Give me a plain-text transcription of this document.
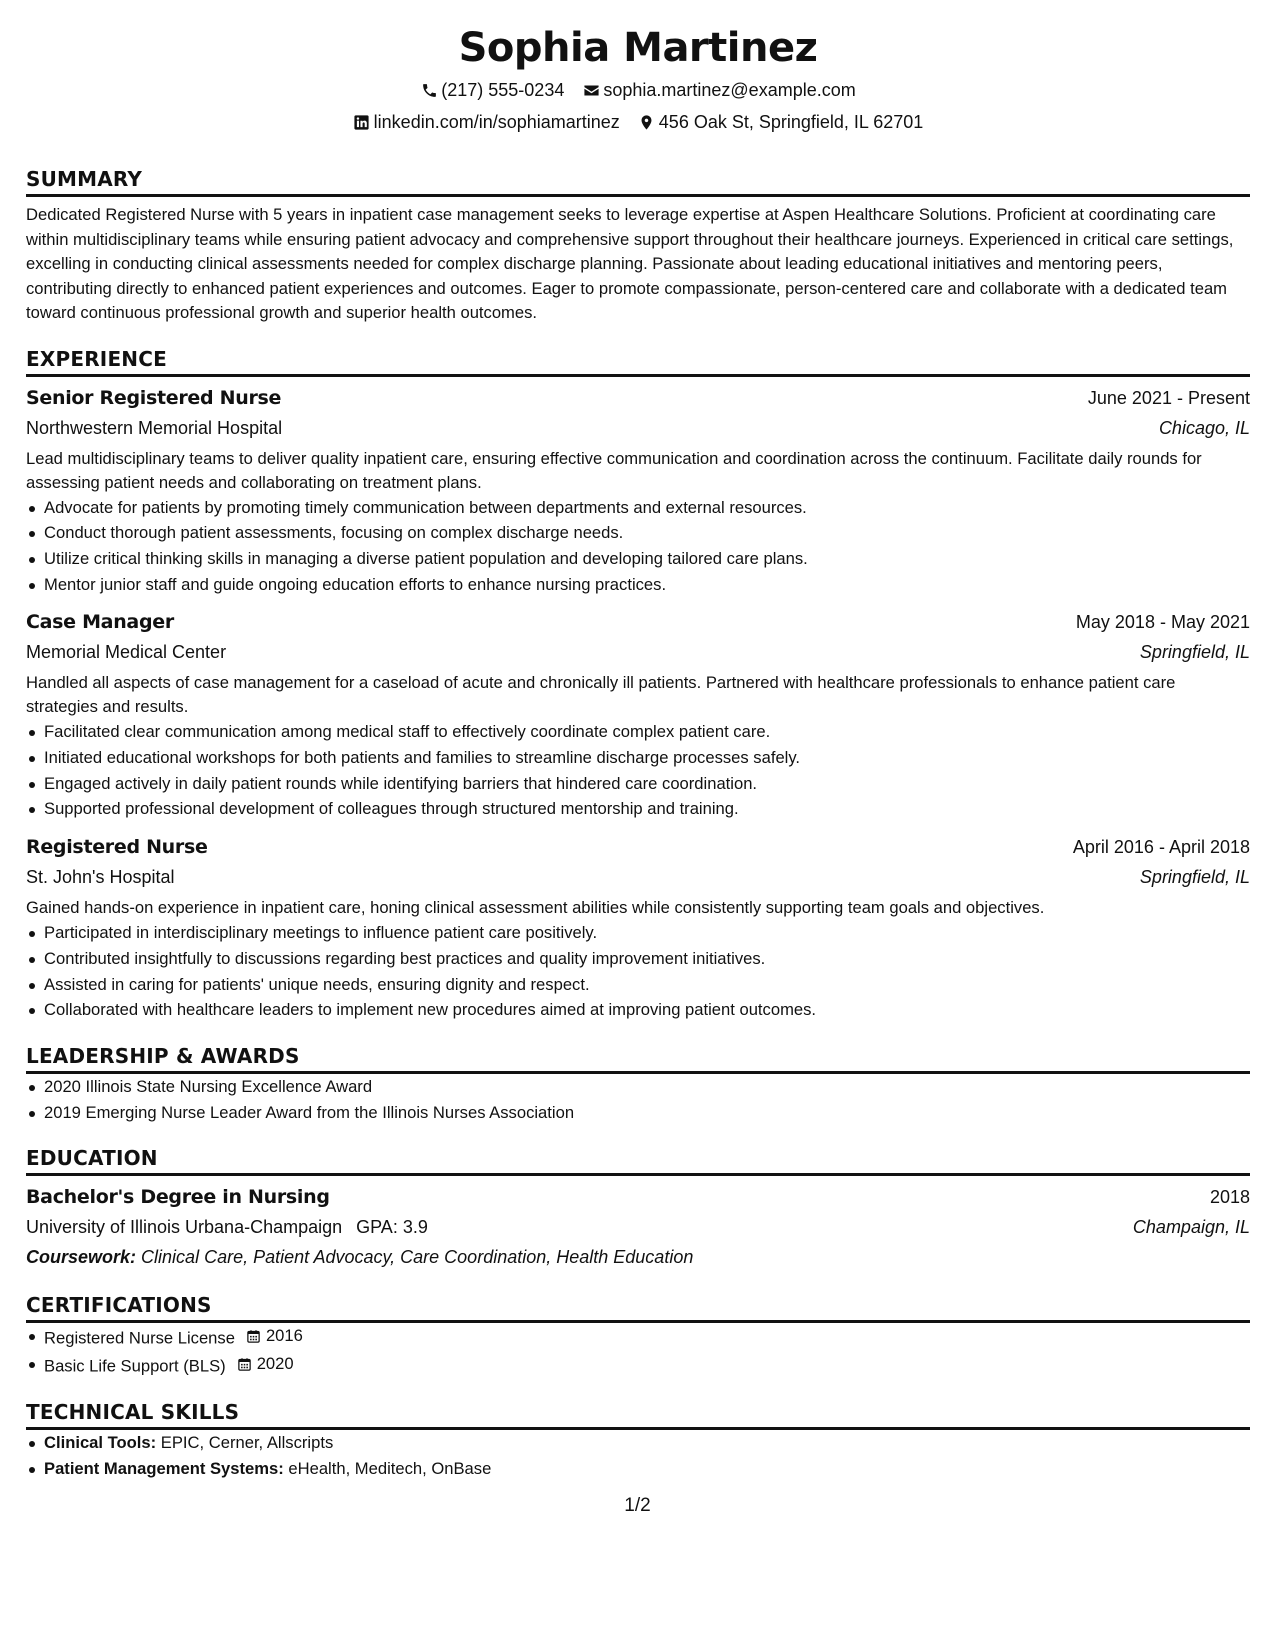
Sophia Martinez
(217) 555-0234 sophia.martinez@example.com
linkedin.com/in/sophiamartinez 456 Oak St, Springfield, IL 62701
SUMMARY

Dedicated Registered Nurse with 5 years in inpatient case management seeks to leverage expertise at Aspen Healthcare Solutions. Proficient at coordinating care within multidisciplinary teams while ensuring patient advocacy and comprehensive support throughout their healthcare journeys. Experienced in critical care settings, excelling in conducting clinical assessments needed for complex discharge planning. Passionate about leading educational initiatives and mentoring peers, contributing directly to enhanced patient experiences and outcomes. Eager to promote compassionate, person-centered care and collaborate with a dedicated team toward continuous professional growth and superior health outcomes.

EXPERIENCE
Senior Registered Nurse	June 2021 - Present
Northwestern Memorial Hospital	Chicago, IL

Lead multidisciplinary teams to deliver quality inpatient care, ensuring effective communication and coordination across the continuum. Facilitate daily rounds for assessing patient needs and collaborating on treatment plans.

Advocate for patients by promoting timely communication between departments and external resources.
Conduct thorough patient assessments, focusing on complex discharge needs.
Utilize critical thinking skills in managing a diverse patient population and developing tailored care plans.
Mentor junior staff and guide ongoing education efforts to enhance nursing practices.
Case Manager	May 2018 - May 2021
Memorial Medical Center	Springfield, IL

Handled all aspects of case management for a caseload of acute and chronically ill patients. Partnered with healthcare professionals to enhance patient care strategies and results.

Facilitated clear communication among medical staff to effectively coordinate complex patient care.
Initiated educational workshops for both patients and families to streamline discharge processes safely.
Engaged actively in daily patient rounds while identifying barriers that hindered care coordination.
Supported professional development of colleagues through structured mentorship and training.
Registered Nurse	April 2016 - April 2018
St. John's Hospital	Springfield, IL

Gained hands-on experience in inpatient care, honing clinical assessment abilities while consistently supporting team goals and objectives.

Participated in interdisciplinary meetings to influence patient care positively.
Contributed insightfully to discussions regarding best practices and quality improvement initiatives.
Assisted in caring for patients' unique needs, ensuring dignity and respect.
Collaborated with healthcare leaders to implement new procedures aimed at improving patient outcomes.
LEADERSHIP & AWARDS
2020 Illinois State Nursing Excellence Award
2019 Emerging Nurse Leader Award from the Illinois Nurses Association
EDUCATION
Bachelor's Degree in Nursing	2018
University of Illinois Urbana-Champaign GPA: 3.9	Champaign, IL
Coursework: Clinical Care, Patient Advocacy, Care Coordination, Health Education
CERTIFICATIONS
Registered Nurse License 2016
Basic Life Support (BLS) 2020
TECHNICAL SKILLS
Clinical Tools: EPIC, Cerner, Allscripts
Patient Management Systems: eHealth, Meditech, OnBase
1/2
